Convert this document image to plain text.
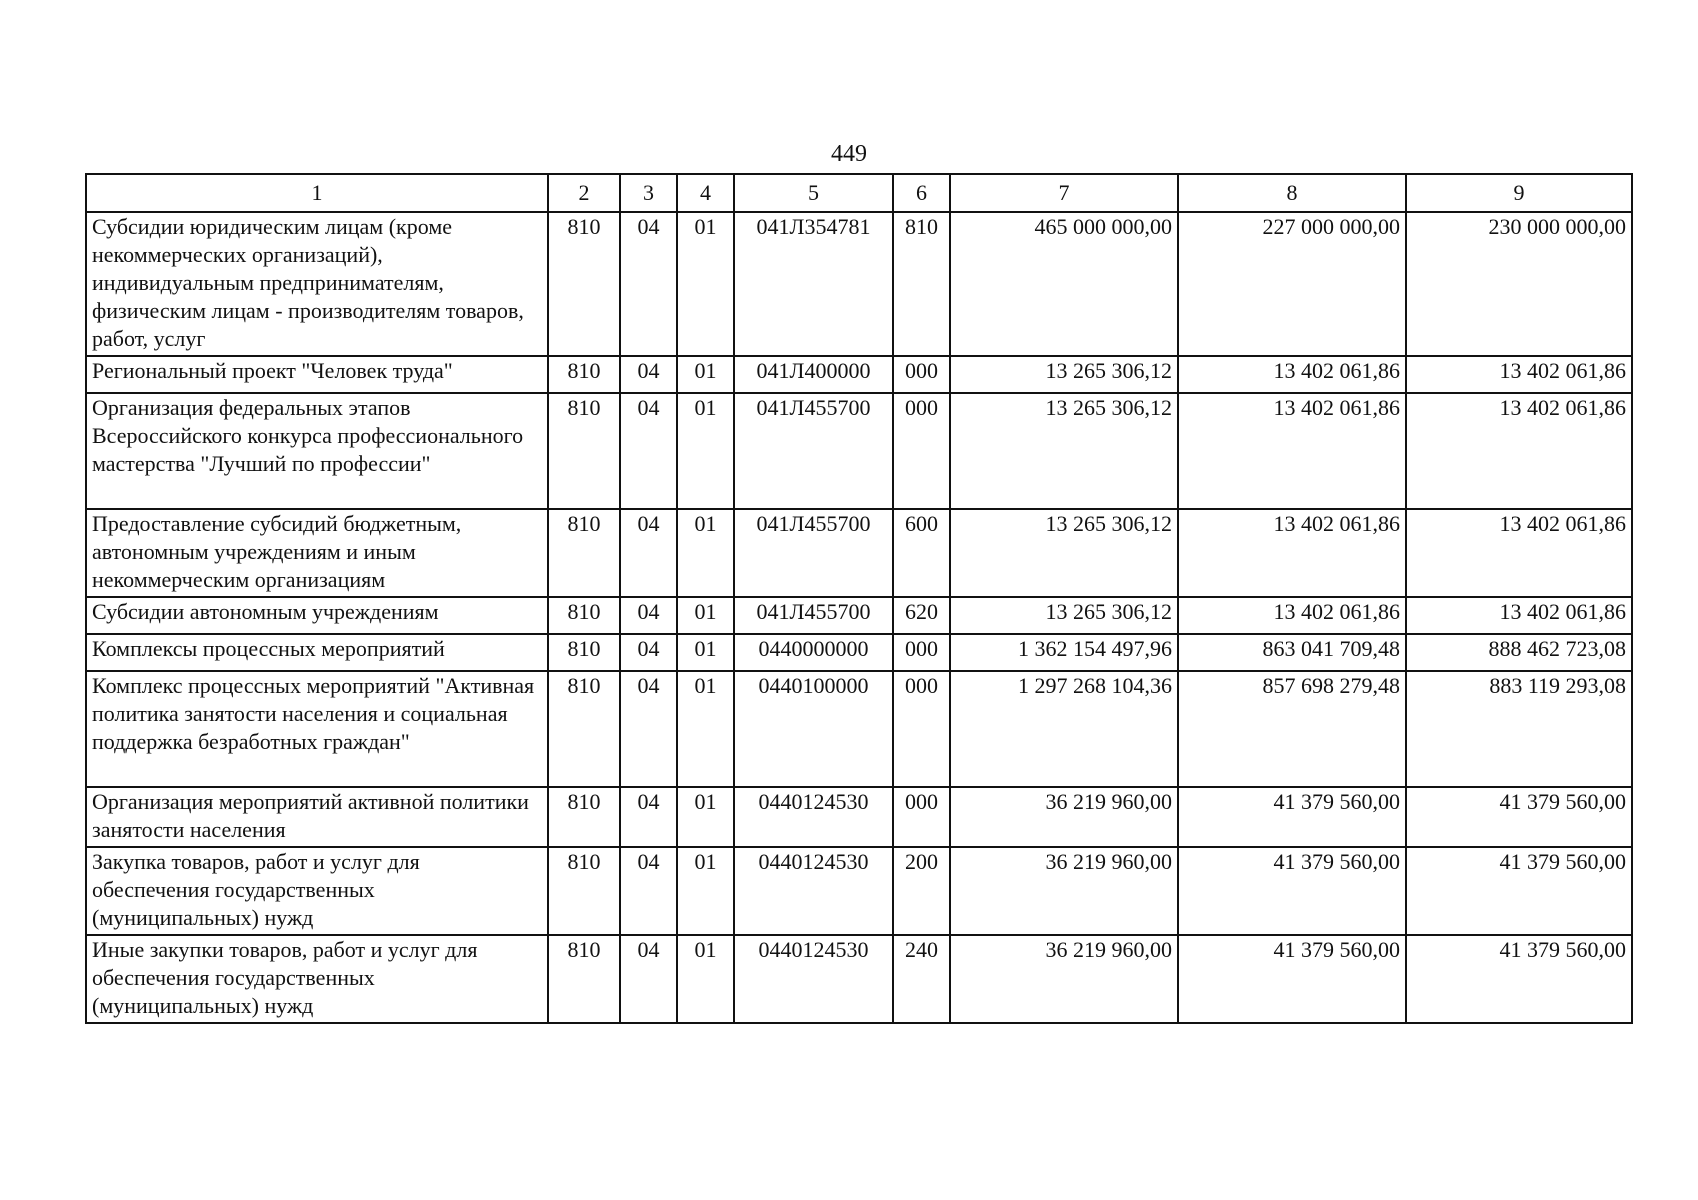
449
1	2	3	4	5	6	7	8	9
Субсидии юридическим лицам (кроме некоммерческих организаций), индивидуальным предпринимателям, физическим лицам - производителям товаров, работ, услуг	810	04	01	041Л354781	810	465 000 000,00	227 000 000,00	230 000 000,00
Региональный проект "Человек труда"	810	04	01	041Л400000	000	13 265 306,12	13 402 061,86	13 402 061,86
Организация федеральных этапов Всероссийского конкурса профессионального мастерства "Лучший по профессии"	810	04	01	041Л455700	000	13 265 306,12	13 402 061,86	13 402 061,86
Предоставление субсидий бюджетным, автономным учреждениям и иным некоммерческим организациям	810	04	01	041Л455700	600	13 265 306,12	13 402 061,86	13 402 061,86
Субсидии автономным учреждениям	810	04	01	041Л455700	620	13 265 306,12	13 402 061,86	13 402 061,86
Комплексы процессных мероприятий	810	04	01	0440000000	000	1 362 154 497,96	863 041 709,48	888 462 723,08
Комплекс процессных мероприятий "Активная политика занятости населения и социальная поддержка безработных граждан"	810	04	01	0440100000	000	1 297 268 104,36	857 698 279,48	883 119 293,08
Организация мероприятий активной политики занятости населения	810	04	01	0440124530	000	36 219 960,00	41 379 560,00	41 379 560,00
Закупка товаров, работ и услуг для обеспечения государственных (муниципальных) нужд	810	04	01	0440124530	200	36 219 960,00	41 379 560,00	41 379 560,00
Иные закупки товаров, работ и услуг для обеспечения государственных (муниципальных) нужд	810	04	01	0440124530	240	36 219 960,00	41 379 560,00	41 379 560,00
